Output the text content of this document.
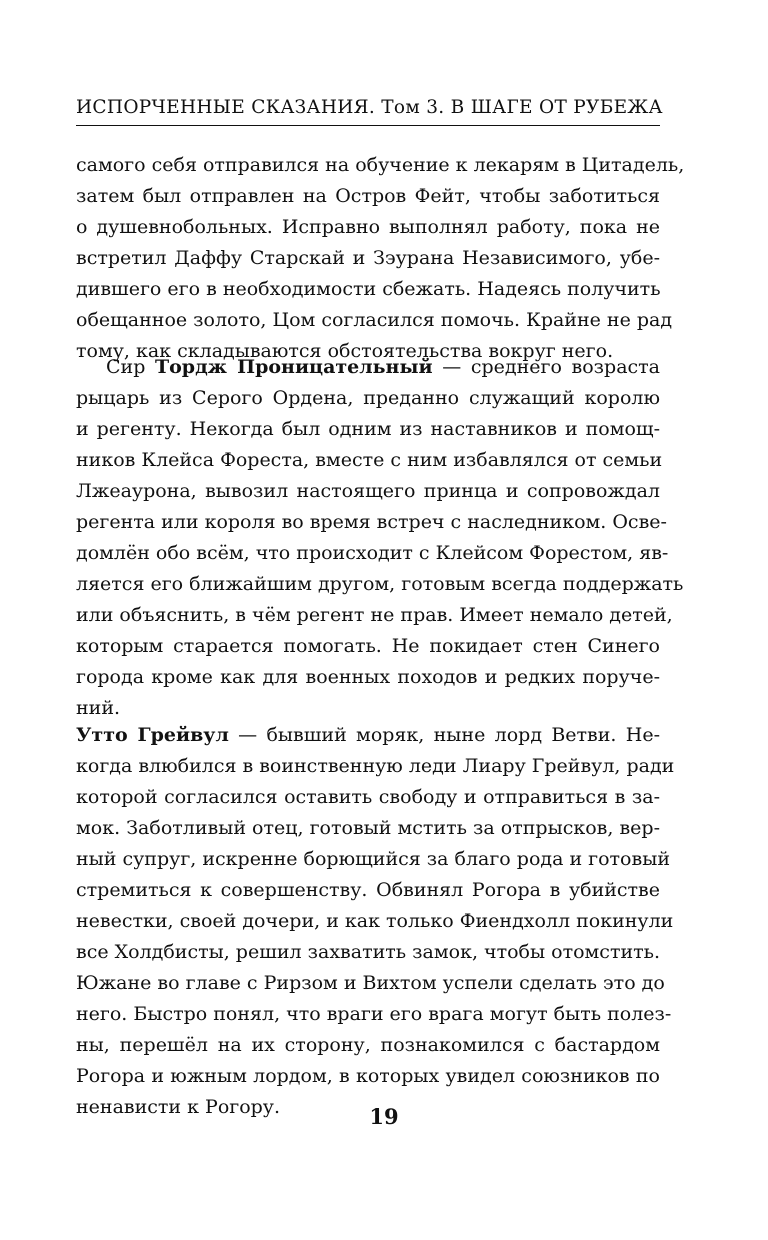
ИСПОРЧЕННЫЕ СКАЗАНИЯ. Том 3. В ШАГЕ ОТ РУБЕЖА
самого себя отправился на обучение к лекарям в Цитадель,
затем был отправлен на Остров Фейт, чтобы заботиться
о душевнобольных. Исправно выполнял работу, пока не
встретил Даффу Старскай и Зэурана Независимого, убе-
дившего его в необходимости сбежать. Надеясь получить
обещанное золото, Цом согласился помочь. Крайне не рад
тому, как складываются обстоятельства вокруг него.
Сир Тордж Проницательный — среднего возраста
рыцарь из Серого Ордена, преданно служащий королю
и регенту. Некогда был одним из наставников и помощ-
ников Клейса Фореста, вместе с ним избавлялся от семьи
Лжеаурона, вывозил настоящего принца и сопровождал
регента или короля во время встреч с наследником. Осве-
домлён обо всём, что происходит с Клейсом Форестом, яв-
ляется его ближайшим другом, готовым всегда поддержать
или объяснить, в чём регент не прав. Имеет немало детей,
которым старается помогать. Не покидает стен Синего
города кроме как для военных походов и редких поруче-
ний.
Утто Грейвул — бывший моряк, ныне лорд Ветви. Не-
когда влюбился в воинственную леди Лиару Грейвул, ради
которой согласился оставить свободу и отправиться в за-
мок. Заботливый отец, готовый мстить за отпрысков, вер-
ный супруг, искренне борющийся за благо рода и готовый
стремиться к совершенству. Обвинял Рогора в убийстве
невестки, своей дочери, и как только Фиендхолл покинули
все Холдбисты, решил захватить замок, чтобы отомстить.
Южане во главе с Рирзом и Вихтом успели сделать это до
него. Быстро понял, что враги его врага могут быть полез-
ны, перешёл на их сторону, познакомился с бастардом
Рогора и южным лордом, в которых увидел союзников по
ненависти к Рогору.	19
